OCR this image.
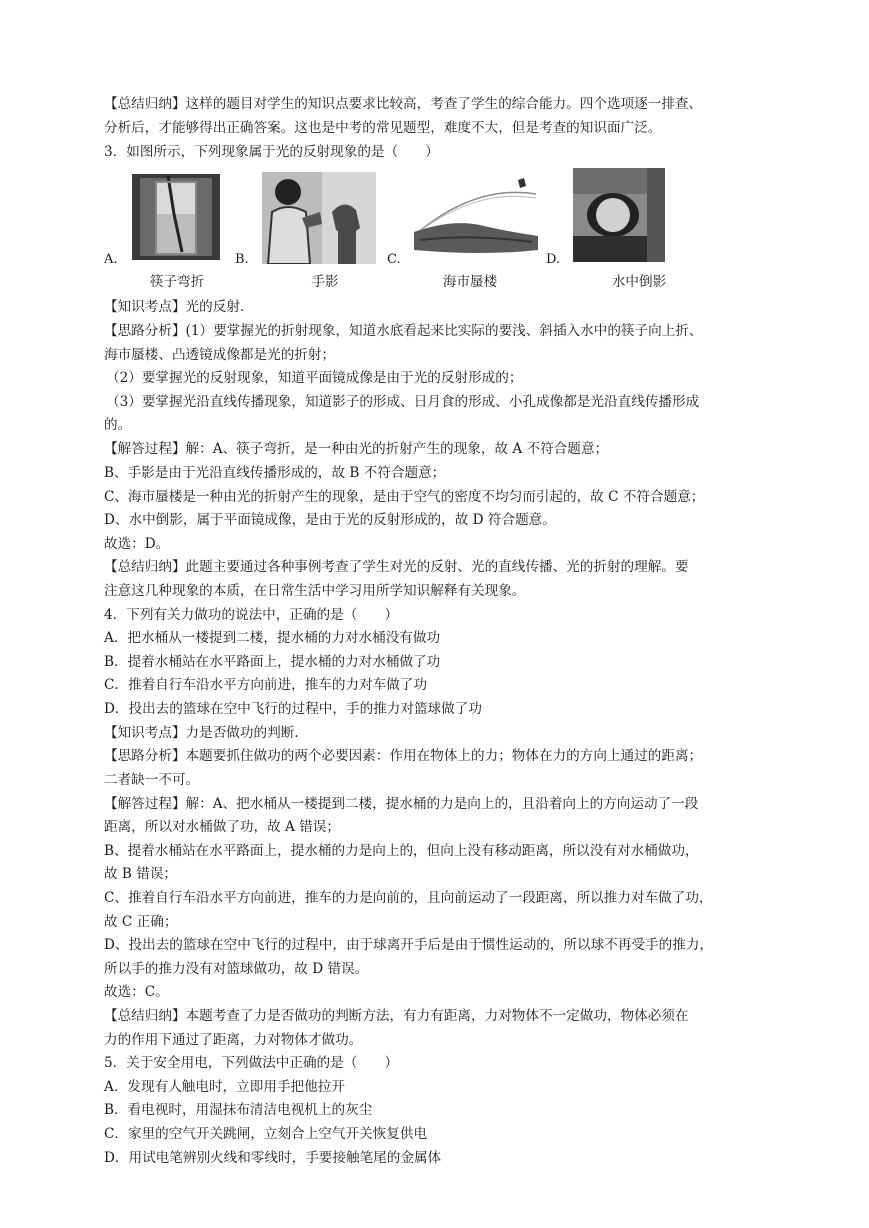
【总结归纳】这样的题目对学生的知识点要求比较高，考查了学生的综合能力。四个选项逐一排查、
分析后，才能够得出正确答案。这也是中考的常见题型，难度不大，但是考查的知识面广泛。
3．如图所示，下列现象属于光的反射现象的是（　　）
A.
筷子弯折
B.
手影
C.
海市蜃楼
D.
水中倒影
【知识考点】光的反射.
【思路分析】(1）要掌握光的折射现象，知道水底看起来比实际的要浅、斜插入水中的筷子向上折、
海市蜃楼、凸透镜成像都是光的折射；
（2）要掌握光的反射现象，知道平面镜成像是由于光的反射形成的；
（3）要掌握光沿直线传播现象，知道影子的形成、日月食的形成、小孔成像都是光沿直线传播形成
的。
【解答过程】解：A、筷子弯折，是一种由光的折射产生的现象，故 A 不符合题意；
B、手影是由于光沿直线传播形成的，故 B 不符合题意；
C、海市蜃楼是一种由光的折射产生的现象，是由于空气的密度不均匀而引起的，故 C 不符合题意；
D、水中倒影，属于平面镜成像，是由于光的反射形成的，故 D 符合题意。
故选：D。
【总结归纳】此题主要通过各种事例考查了学生对光的反射、光的直线传播、光的折射的理解。要
注意这几种现象的本质，在日常生活中学习用所学知识解释有关现象。
4．下列有关力做功的说法中，正确的是（　　）
A．把水桶从一楼提到二楼，提水桶的力对水桶没有做功
B．提着水桶站在水平路面上，提水桶的力对水桶做了功
C．推着自行车沿水平方向前进，推车的力对车做了功
D．投出去的篮球在空中飞行的过程中，手的推力对篮球做了功
【知识考点】力是否做功的判断.
【思路分析】本题要抓住做功的两个必要因素：作用在物体上的力；物体在力的方向上通过的距离；
二者缺一不可。
【解答过程】解：A、把水桶从一楼提到二楼，提水桶的力是向上的，且沿着向上的方向运动了一段
距离，所以对水桶做了功，故 A 错误；
B、提着水桶站在水平路面上，提水桶的力是向上的，但向上没有移动距离，所以没有对水桶做功，
故 B 错误；
C、推着自行车沿水平方向前进，推车的力是向前的，且向前运动了一段距离，所以推力对车做了功，
故 C 正确；
D、投出去的篮球在空中飞行的过程中，由于球离开手后是由于惯性运动的，所以球不再受手的推力，
所以手的推力没有对篮球做功，故 D 错误。
故选：C。
【总结归纳】本题考查了力是否做功的判断方法，有力有距离，力对物体不一定做功，物体必须在
力的作用下通过了距离，力对物体才做功。
5．关于安全用电，下列做法中正确的是（　　）
A．发现有人触电时，立即用手把他拉开
B．看电视时，用湿抹布清洁电视机上的灰尘
C．家里的空气开关跳闸，立刻合上空气开关恢复供电
D．用试电笔辨别火线和零线时，手要接触笔尾的金属体
